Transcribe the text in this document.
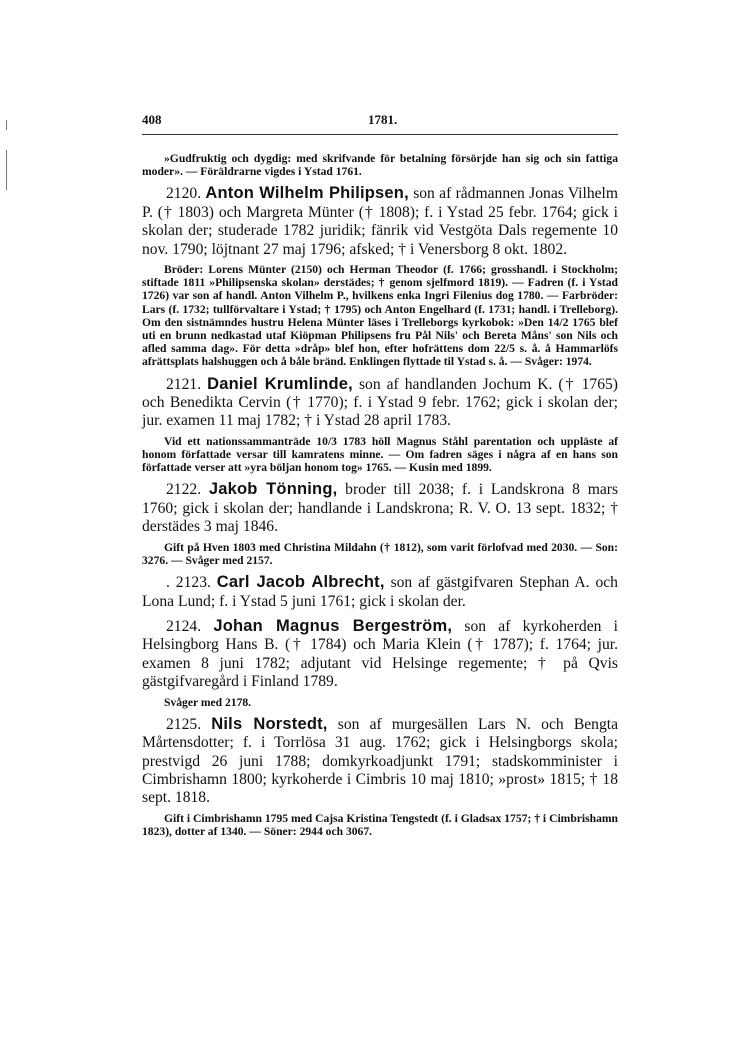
408	1781.

»Gudfruktig och dygdig: med skrifvande för betalning försörjde han sig och sin fattiga moder». — Föräldrarne vigdes i Ystad 1761.

2120. Anton Wilhelm Philipsen, son af rådmannen Jonas Vilhelm P. († 1803) och Margreta Münter († 1808); f. i Ystad 25 febr. 1764; gick i skolan der; studerade 1782 juridik; fänrik vid Vestgöta Dals regemente 10 nov. 1790; löjtnant 27 maj 1796; afsked; † i Venersborg 8 okt. 1802.

Bröder: Lorens Münter (2150) och Herman Theodor (f. 1766; grosshandl. i Stockholm; stiftade 1811 »Philipsenska skolan» derstädes; † genom sjelfmord 1819). — Fadren (f. i Ystad 1726) var son af handl. Anton Vilhelm P., hvilkens enka Ingri Filenius dog 1780. — Farbröder: Lars (f. 1732; tullförvaltare i Ystad; † 1795) och Anton Engelhard (f. 1731; handl. i Trelleborg). Om den sistnämndes hustru Helena Münter läses i Trelleborgs kyrkobok: »Den 14/2 1765 blef uti en brunn nedkastad utaf Kiöpman Philipsens fru Pål Nils' och Bereta Måns' son Nils och afled samma dag». För detta »dråp» blef hon, efter hofrättens dom 22/5 s. å. å Hammarlöfs afrättsplats halshuggen och å båle bränd. Enklingen flyttade til Ystad s. å. — Svåger: 1974.

2121. Daniel Krumlinde, son af handlanden Jochum K. († 1765) och Benedikta Cervin († 1770); f. i Ystad 9 febr. 1762; gick i skolan der; jur. examen 11 maj 1782; † i Ystad 28 april 1783.

Vid ett nationssammanträde 10/3 1783 höll Magnus Ståhl parentation och uppläste af honom författade versar till kamratens minne. — Om fadren säges i några af en hans son författade verser att »yra böljan honom tog» 1765. — Kusin med 1899.

2122. Jakob Tönning, broder till 2038; f. i Landskrona 8 mars 1760; gick i skolan der; handlande i Landskrona; R. V. O. 13 sept. 1832; † derstädes 3 maj 1846.

Gift på Hven 1803 med Christina Mildahn († 1812), som varit förlofvad med 2030. — Son: 3276. — Svåger med 2157.

. 2123. Carl Jacob Albrecht, son af gästgifvaren Stephan A. och Lona Lund; f. i Ystad 5 juni 1761; gick i skolan der.

2124. Johan Magnus Bergeström, son af kyrkoherden i Helsingborg Hans B. († 1784) och Maria Klein († 1787); f. 1764; jur. examen 8 juni 1782; adjutant vid Helsinge regemente; † på Qvis gästgifvaregård i Finland 1789.

Svåger med 2178.

2125. Nils Norstedt, son af murgesällen Lars N. och Bengta Mårtensdotter; f. i Torrlösa 31 aug. 1762; gick i Helsingborgs skola; prestvigd 26 juni 1788; domkyrkoadjunkt 1791; stadskomminister i Cimbrishamn 1800; kyrkoherde i Cimbris 10 maj 1810; »prost» 1815; † 18 sept. 1818.

Gift i Cimbrishamn 1795 med Cajsa Kristina Tengstedt (f. i Gladsax 1757; † i Cimbrishamn 1823), dotter af 1340. — Söner: 2944 och 3067.
